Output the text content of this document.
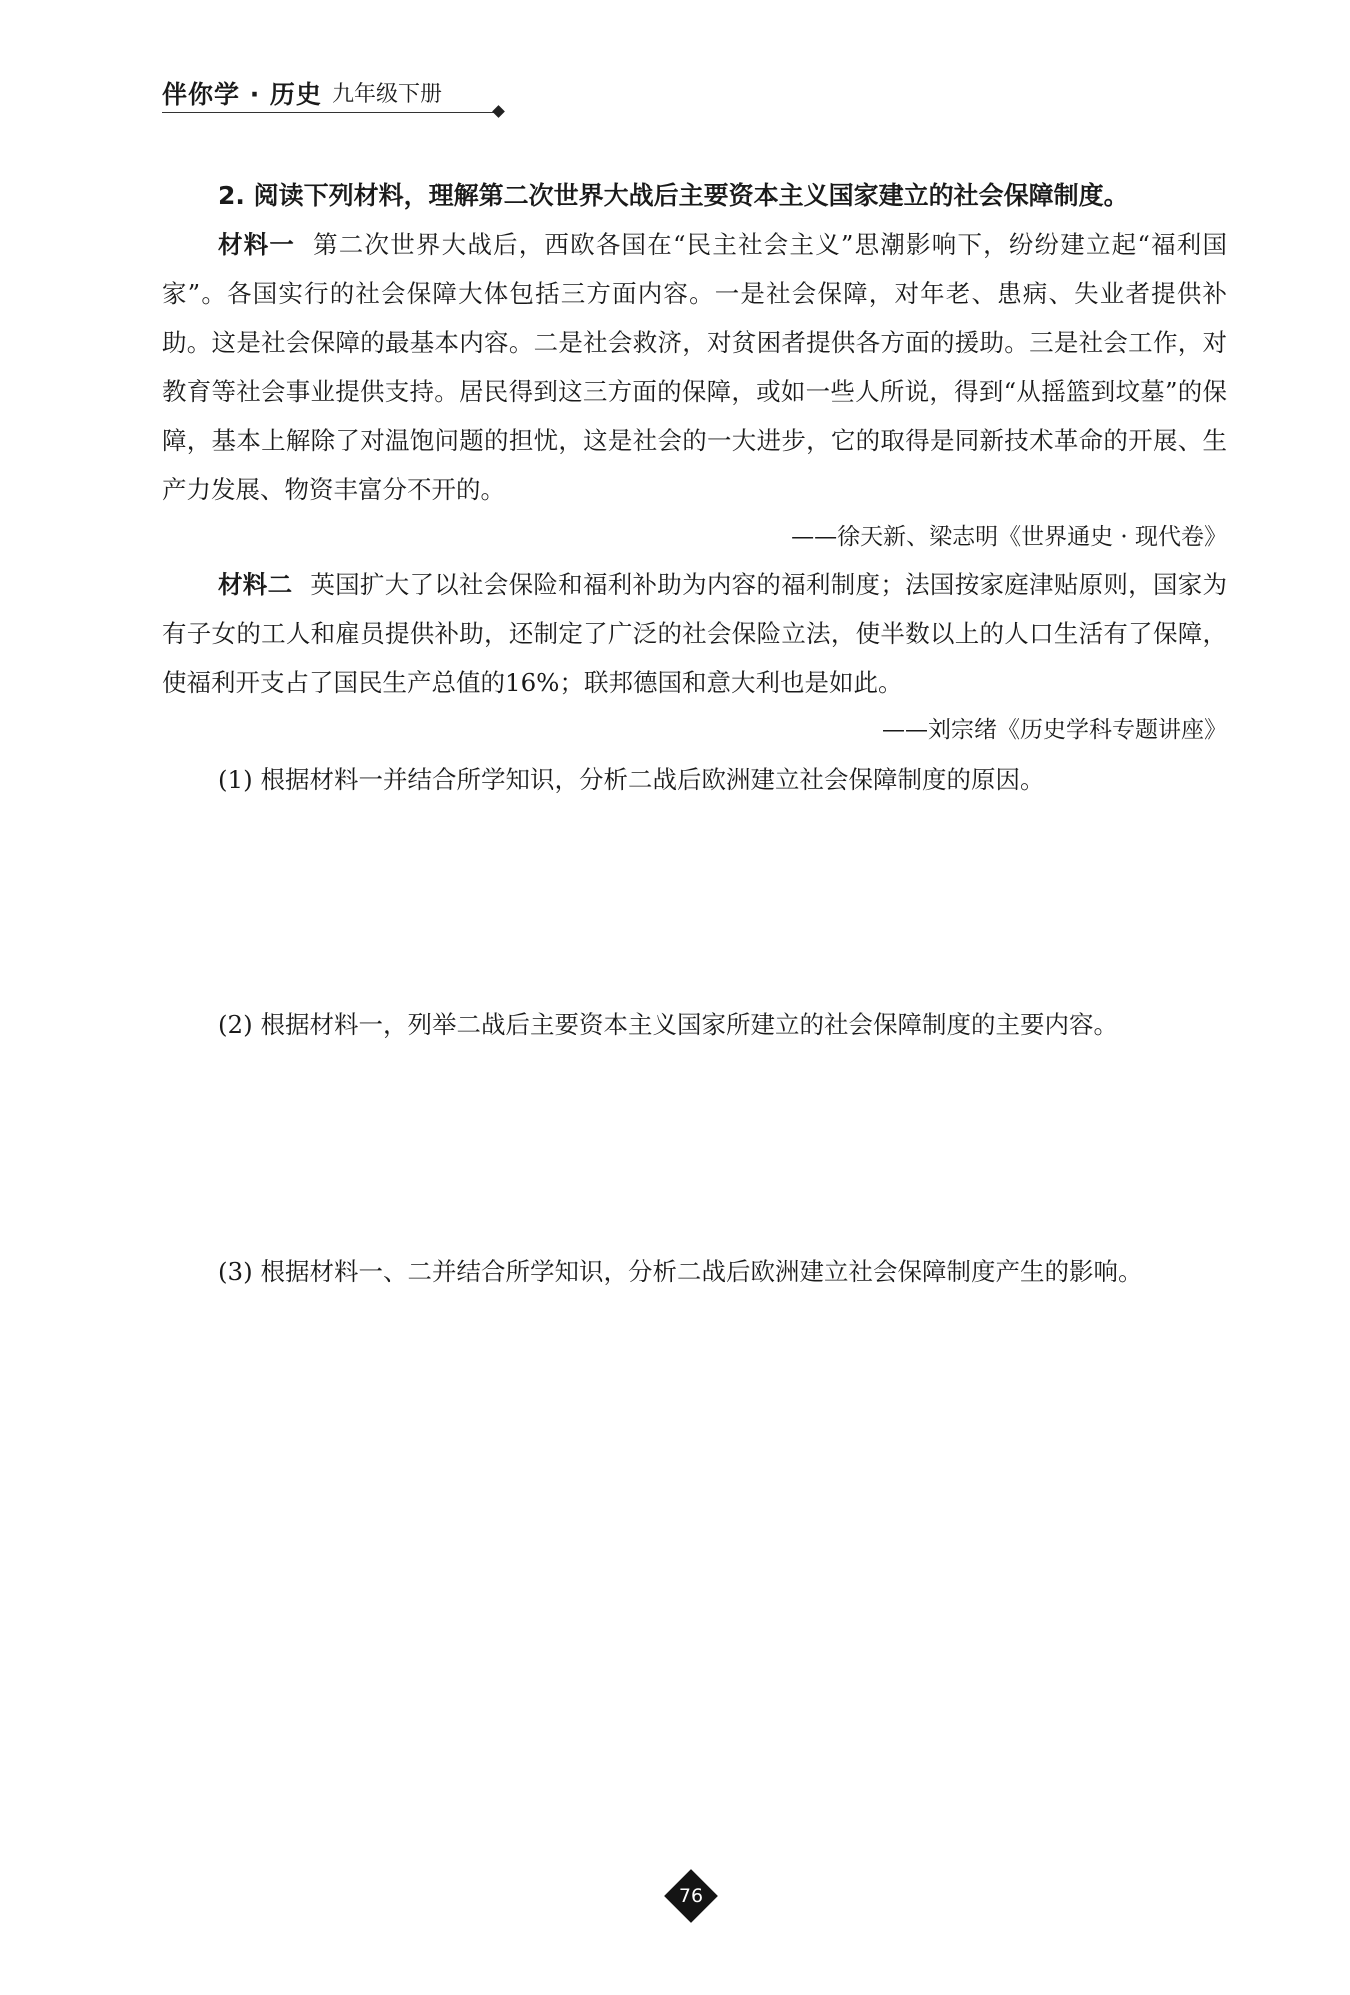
伴你学 · 历史 九年级下册

2. 阅读下列材料，理解第二次世界大战后主要资本主义国家建立的社会保障制度。

材料一 第二次世界大战后，西欧各国在“民主社会主义”思潮影响下，纷纷建立起“福利国家”。各国实行的社会保障大体包括三方面内容。一是社会保障，对年老、患病、失业者提供补助。这是社会保障的最基本内容。二是社会救济，对贫困者提供各方面的援助。三是社会工作，对教育等社会事业提供支持。居民得到这三方面的保障，或如一些人所说，得到“从摇篮到坟墓”的保障，基本上解除了对温饱问题的担忧，这是社会的一大进步，它的取得是同新技术革命的开展、生产力发展、物资丰富分不开的。

——徐天新、梁志明《世界通史 · 现代卷》

材料二 英国扩大了以社会保险和福利补助为内容的福利制度；法国按家庭津贴原则，国家为有子女的工人和雇员提供补助，还制定了广泛的社会保险立法，使半数以上的人口生活有了保障，使福利开支占了国民生产总值的16%；联邦德国和意大利也是如此。

——刘宗绪《历史学科专题讲座》

(1) 根据材料一并结合所学知识，分析二战后欧洲建立社会保障制度的原因。

(2) 根据材料一，列举二战后主要资本主义国家所建立的社会保障制度的主要内容。

(3) 根据材料一、二并结合所学知识，分析二战后欧洲建立社会保障制度产生的影响。

76
